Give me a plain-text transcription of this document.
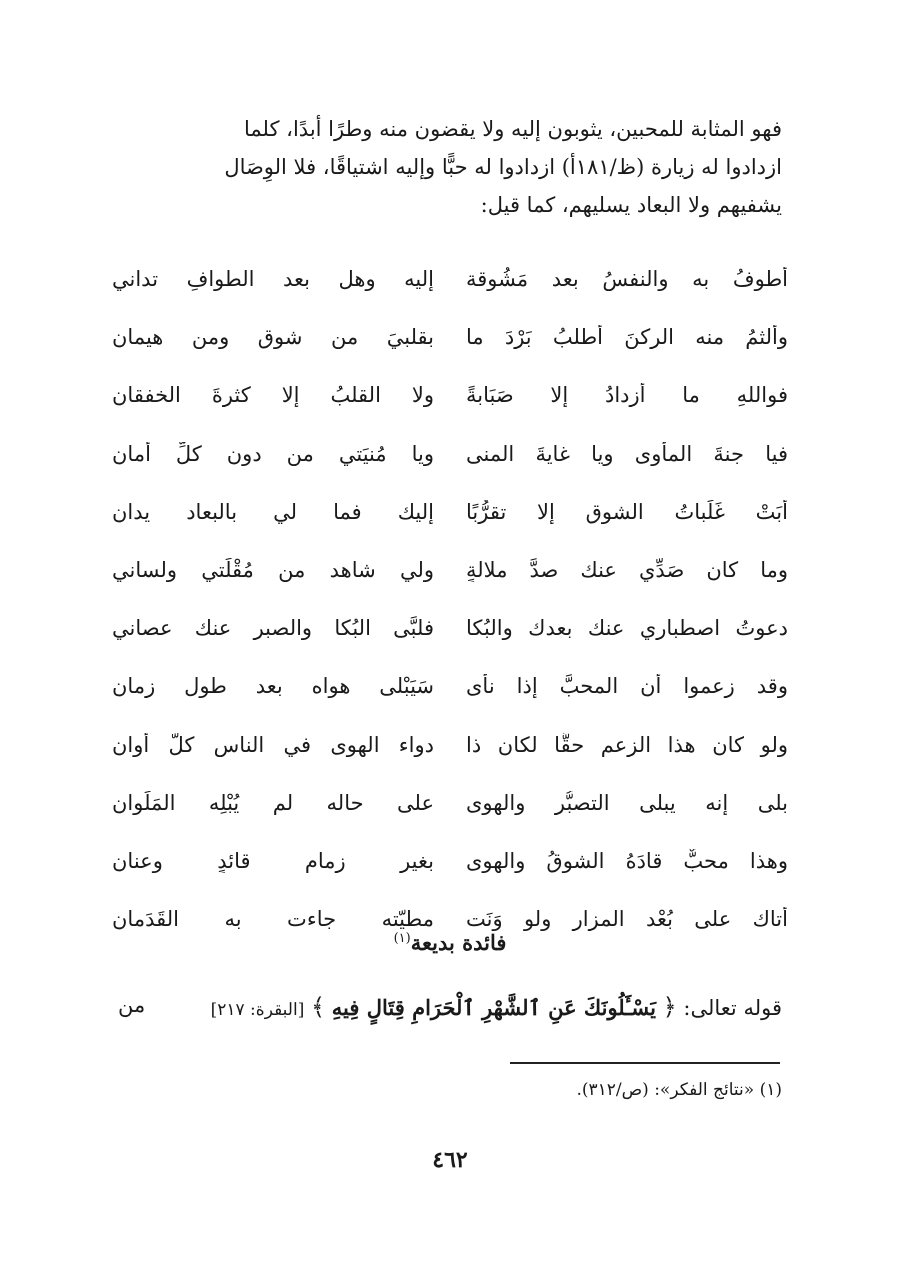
فهو المثابة للمحبين، يثوبون إليه ولا يقضون منه وطرًا أبدًا، كلما

ازدادوا له زيارة (ظ/١٨١أ) ازدادوا له حبًّا وإليه اشتياقًا، فلا الوِصَال

يشفيهم ولا البعاد يسليهم، كما قيل:

أطوفُ به والنفسُ بعد مَشُوقة
إليه وهل بعد الطوافِ تداني
وألثمُ منه الركنَ أطلبُ بَرْدَ ما
بقلبيَ من شوقٍ ومن هيمان
فواللهِ ما أزدادُ إلا صَبَابةً
ولا القلبُ إلا كثرةَ الخفقانِ
فيا جنةَ المأوى ويا غايةَ المنى
ويا مُنيَتي من دون كلِّ أمان
أبَتْ غَلَباتُ الشوقِ إلا تقرُّبًا
إليك فما لي بالبعاد يدان
وما كان صَدِّي عنك صدَّ ملالةٍ
ولي شاهد من مُقْلَتي ولساني
دعوتُ اصطباري عنك بعدك والبُكا
فلبَّى البُكا والصبر عنك عصاني
وقد زعموا أن المحبَّ إذا نأى
سَيَبْلى هواه بعد طولِ زمانِ
ولو كان هذا الزعم حقًّا لكان ذا
دواء الهوى في الناس كلّ أوان
بلى إنه يبلى التصبُّر والهوى
على حاله لم يُبْلِه المَلَوان
وهذا محبٌّ قادَهُ الشوقُ والهوى
بغير زمامٍ قائدٍ وعنان
أتاك على بُعْد المزار ولو وَنَت
مطيّته جاءت به القَدَمان
فائدة بديعة$^{(١)}$
قوله تعالى: ﴿ يَسْـَٔلُونَكَ عَنِ ٱلشَّهْرِ ٱلْحَرَامِ قِتَالٍ فِيهِ ﴾ [البقرة: ٢١٧]
من
(١) «نتائج الفكر»: (ص/٣١٢).
٤٦٢
